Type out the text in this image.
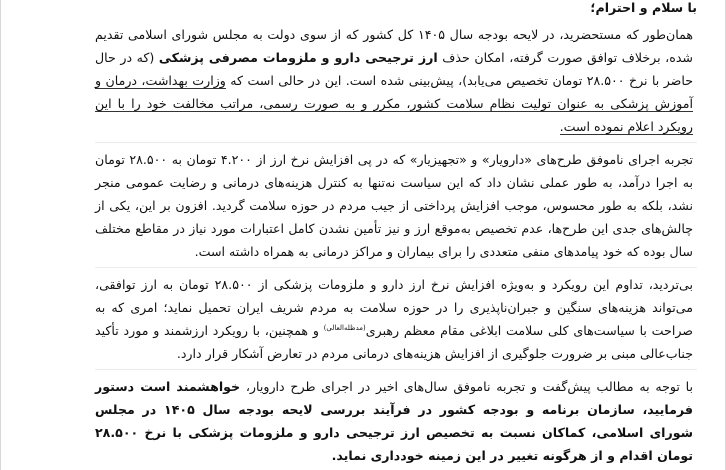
با سلام و احترام؛

همان‌طور که مستحضرید، در لایحه بودجه سال ۱۴۰۵ کل کشور که از سوی دولت به مجلس شورای اسلامی تقدیم شده، برخلاف توافق صورت گرفته، امکان حذف ارز ترجیحی دارو و ملزومات مصرفی پزشکی (که در حال حاضر با نرخ ۲۸.۵۰۰ تومان تخصیص می‌یابد)، پیش‌بینی شده است. این در حالی است که وزارت بهداشت، درمان و آموزش پزشکی به عنوان تولیت نظام سلامت کشور، مکرر و به صورت رسمی، مراتب مخالفت خود را با این رویکرد اعلام نموده است.

تجربه اجرای ناموفق طرح‌های «دارویار» و «تجهیزیار» که در پی افزایش نرخ ارز از ۴.۲۰۰ تومان به ۲۸.۵۰۰ تومان به اجرا درآمد، به طور عملی نشان داد که این سیاست نه‌تنها به کنترل هزینه‌های درمانی و رضایت عمومی منجر نشد، بلکه به طور محسوس، موجب افزایش پرداختی از جیب مردم در حوزه سلامت گردید. افزون بر این، یکی از چالش‌های جدی این طرح‌ها، عدم تخصیص به‌موقع ارز و نیز تأمین نشدن کامل اعتبارات مورد نیاز در مقاطع مختلف سال بوده که خود پیامدهای منفی متعددی را برای بیماران و مراکز درمانی به همراه داشته است.

بی‌تردید، تداوم این رویکرد و به‌ویژه افزایش نرخ ارز دارو و ملزومات پزشکی از ۲۸.۵۰۰ تومان به ارز توافقی، می‌تواند هزینه‌های سنگین و جبران‌ناپذیری را در حوزه سلامت به مردم شریف ایران تحمیل نماید؛ امری که به صراحت با سیاست‌های کلی سلامت ابلاغی مقام معظم رهبری$^{(مدظله‌العالی)}$ و همچنین، با رویکرد ارزشمند و مورد تأکید جناب‌عالی مبنی بر ضرورت جلوگیری از افزایش هزینه‌های درمانی مردم در تعارض آشکار قرار دارد.

با توجه به مطالب پیش‌گفت و تجربه ناموفق سال‌های اخیر در اجرای طرح دارویار، خواهشمند است دستور فرمایید، سازمان برنامه و بودجه کشور در فرآیند بررسی لایحه بودجه سال ۱۴۰۵ در مجلس شورای اسلامی، کماکان نسبت به تخصیص ارز ترجیحی دارو و ملزومات پزشکی با نرخ ۲۸.۵۰۰ تومان اقدام و از هرگونه تغییر در این زمینه خودداری نماید.
